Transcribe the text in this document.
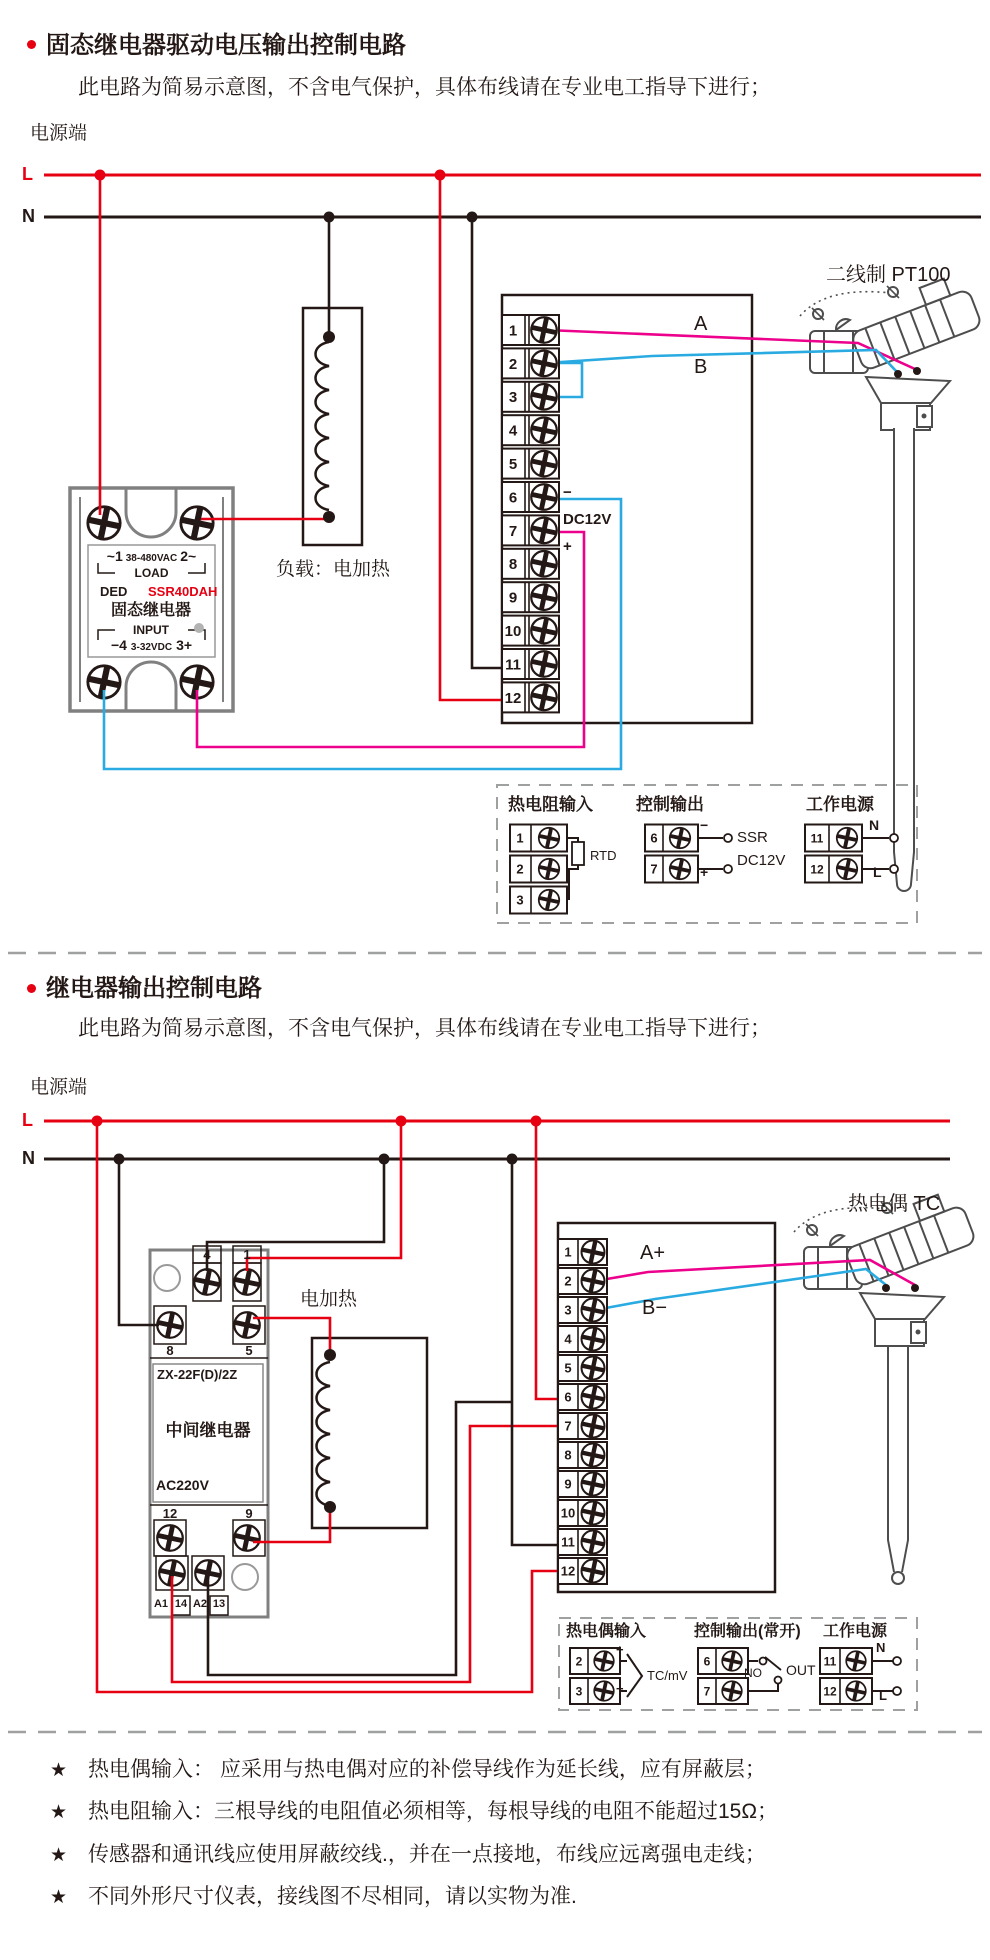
1
2
3
4
5
6
7
8
9
10
11
12
1
2
3
4
5
6
7
8
9
10
11
12
1
2
3
6
7
11
12
2
3
6
7
11
12
固态继电器驱动电压输出控制电路
此电路为简易示意图，不含电气保护，具体布线请在专业电工指导下进行；
电源端
L
N
~1 38-480VAC 2~
LOAD
DED SSR40DAH
固态继电器
INPUT
−4 3-32VDC 3+
负载：电加热
A
B
−
DC12V
+
二线制 PT100
热电阻输入
RTD
控制输出
−
SSR
DC12V
+
工作电源
N
L
继电器输出控制电路
此电路为简易示意图，不含电气保护，具体布线请在专业电工指导下进行；
电源端
L
N
4	1
8	5
ZX-22F(D)/2Z
中间继电器
AC220V
12	9
A1 14 A2 13
电加热
A+
B−
热电偶 TC
热电偶输入
+
−
TC/mV
控制输出(常开)
NO OUT
工作电源
N
L
★ 热电偶输入： 应采用与热电偶对应的补偿导线作为延长线，应有屏蔽层；
★ 热电阻输入：三根导线的电阻值必须相等，每根导线的电阻不能超过15Ω；
★ 传感器和通讯线应使用屏蔽绞线.，并在一点接地，布线应远离强电走线；
★ 不同外形尺寸仪表，接线图不尽相同，请以实物为准.
